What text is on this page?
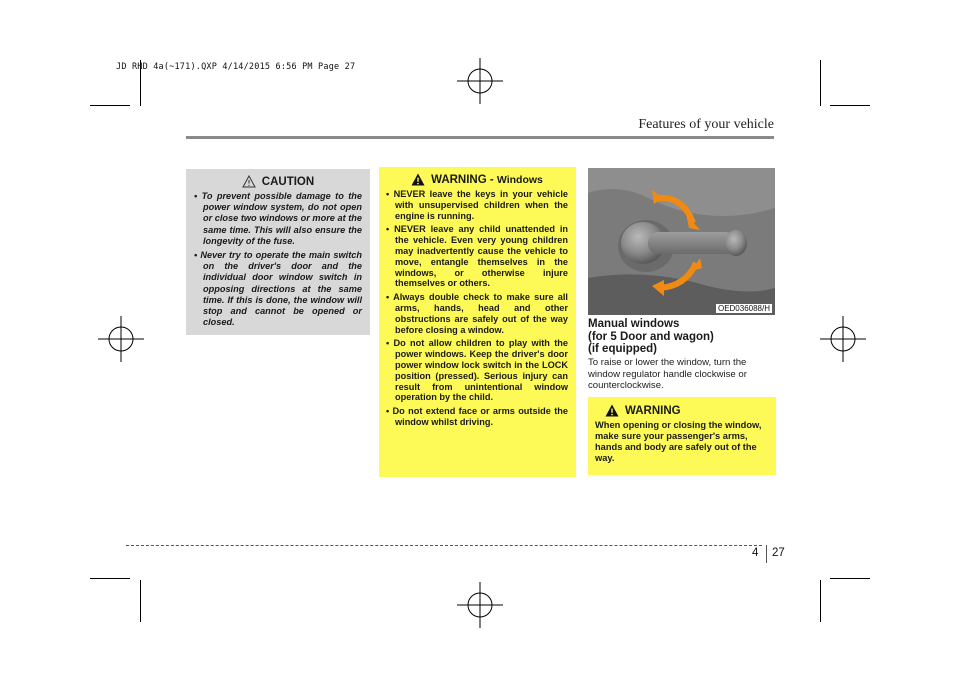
JD RHD 4a(~171).QXP 4/14/2015 6:56 PM Page 27
Features of your vehicle
CAUTION
• To prevent possible damage to the power window system, do not open or close two windows or more at the same time. This will also ensure the longevity of the fuse.
• Never try to operate the main switch on the driver's door and the individual door window switch in opposing directions at the same time. If this is done, the window will stop and cannot be opened or closed.
WARNING - Windows
• NEVER leave the keys in your vehicle with unsupervised children when the engine is running.
• NEVER leave any child unattended in the vehicle. Even very young children may inadvertently cause the vehicle to move, entangle themselves in the windows, or otherwise injure themselves or others.
• Always double check to make sure all arms, hands, head and other obstructions are safely out of the way before closing a window.
• Do not allow children to play with the power windows. Keep the driver's door power window lock switch in the LOCK position (pressed). Serious injury can result from unintentional window operation by the child.
• Do not extend face or arms outside the window whilst driving.
OED036088/H
Manual windows
(for 5 Door and wagon)
(if equipped)
To raise or lower the window, turn the window regulator handle clockwise or counterclockwise.
WARNING

When opening or closing the window, make sure your passenger's arms, hands and body are safely out of the way.

4 27
